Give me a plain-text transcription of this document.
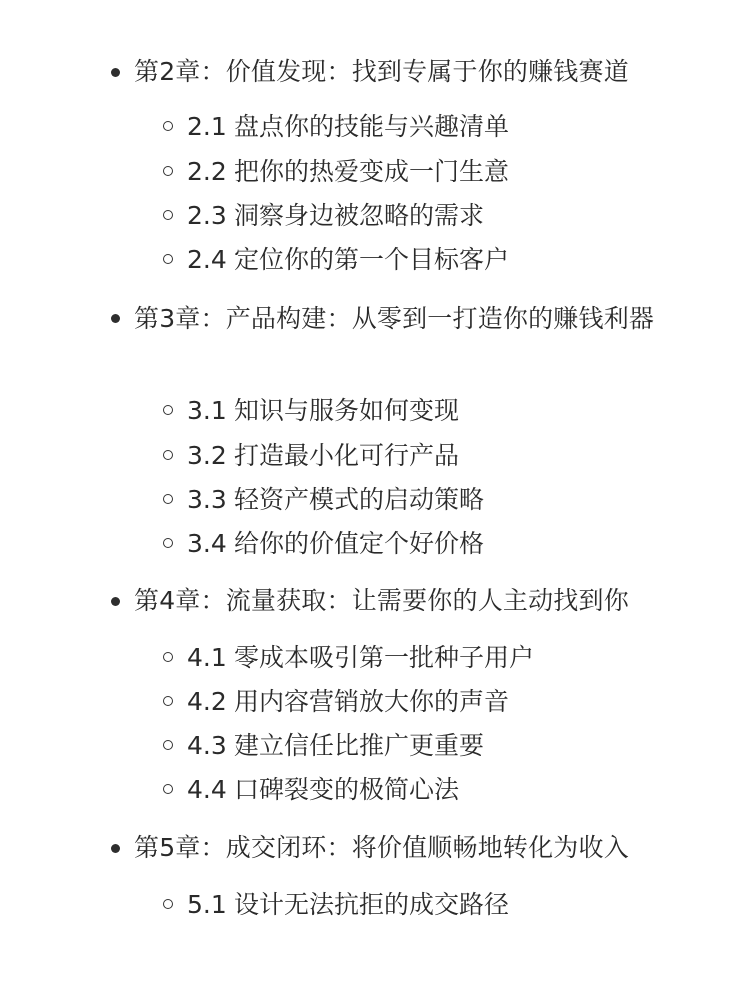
第2章：价值发现：找到专属于你的赚钱赛道
2.1 盘点你的技能与兴趣清单
2.2 把你的热爱变成一门生意
2.3 洞察身边被忽略的需求
2.4 定位你的第一个目标客户
第3章：产品构建：从零到一打造你的赚钱利器
3.1 知识与服务如何变现
3.2 打造最小化可行产品
3.3 轻资产模式的启动策略
3.4 给你的价值定个好价格
第4章：流量获取：让需要你的人主动找到你
4.1 零成本吸引第一批种子用户
4.2 用内容营销放大你的声音
4.3 建立信任比推广更重要
4.4 口碑裂变的极简心法
第5章：成交闭环：将价值顺畅地转化为收入
5.1 设计无法抗拒的成交路径
